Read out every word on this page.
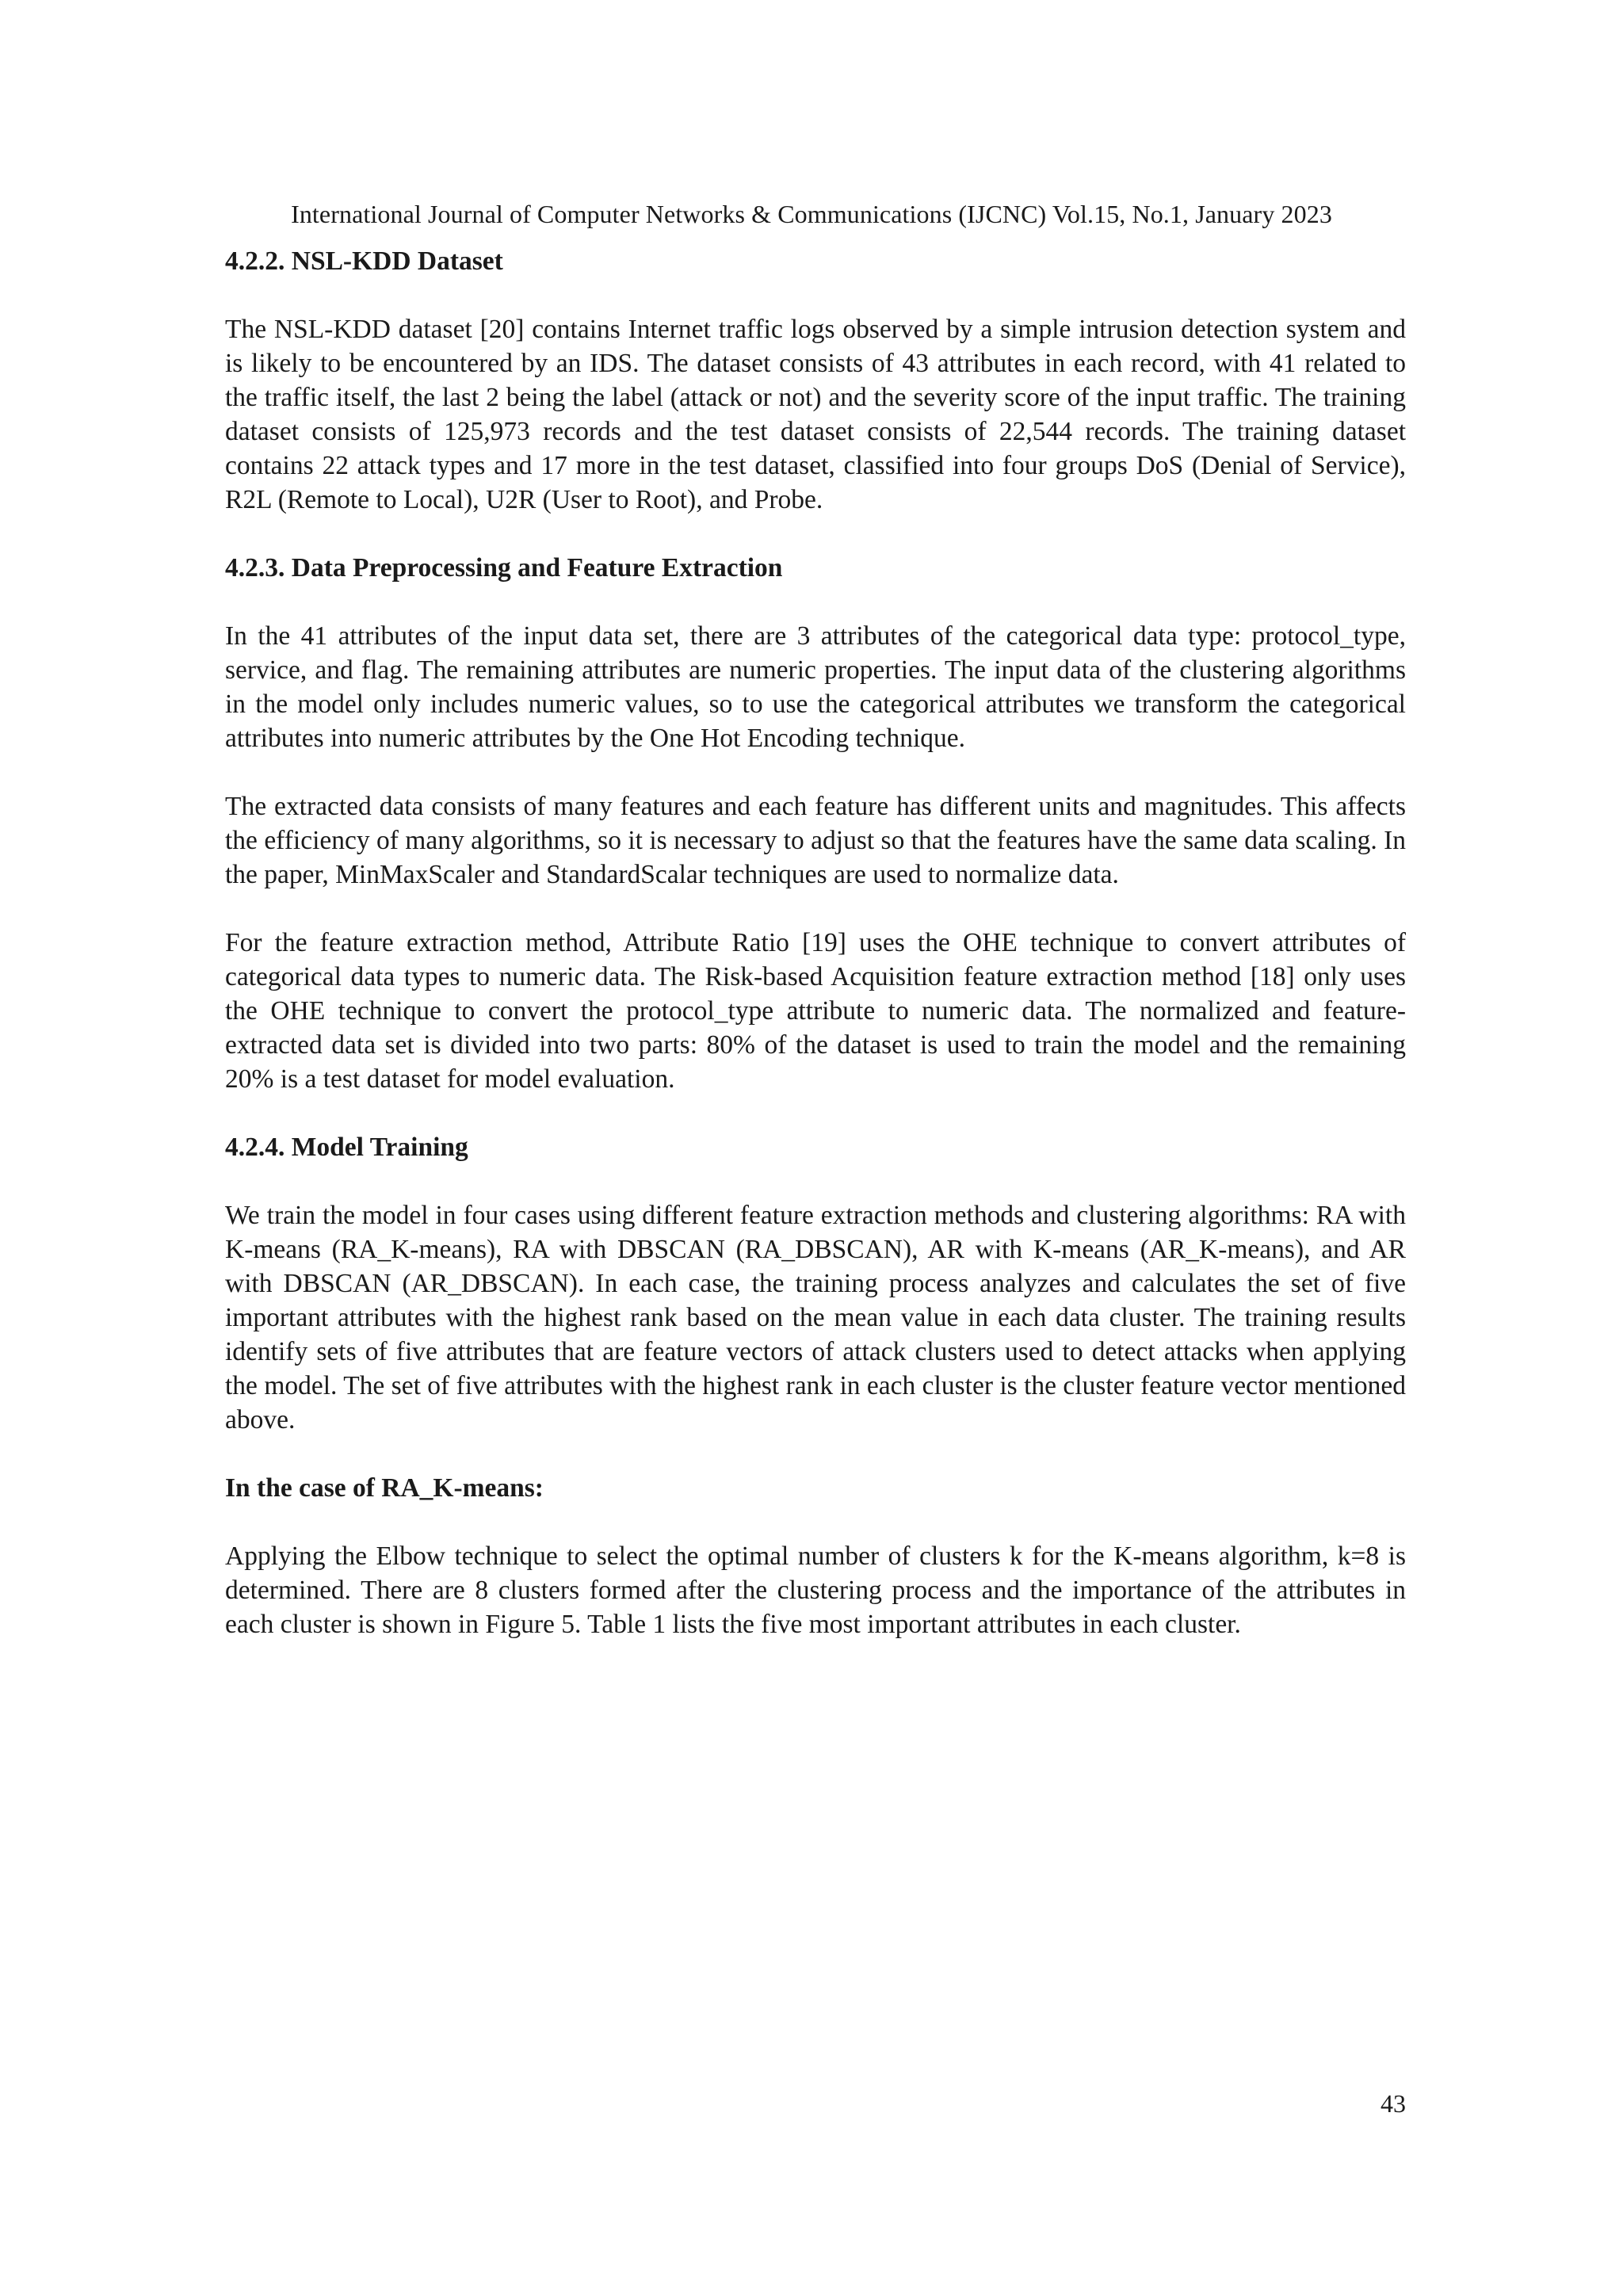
International Journal of Computer Networks & Communications (IJCNC) Vol.15, No.1, January 2023
4.2.2. NSL-KDD Dataset

The NSL-KDD dataset [20] contains Internet traffic logs observed by a simple intrusion detection system and is likely to be encountered by an IDS. The dataset consists of 43 attributes in each record, with 41 related to the traffic itself, the last 2 being the label (attack or not) and the severity score of the input traffic. The training dataset consists of 125,973 records and the test dataset consists of 22,544 records. The training dataset contains 22 attack types and 17 more in the test dataset, classified into four groups DoS (Denial of Service), R2L (Remote to Local), U2R (User to Root), and Probe.

4.2.3. Data Preprocessing and Feature Extraction

In the 41 attributes of the input data set, there are 3 attributes of the categorical data type: protocol_type, service, and flag. The remaining attributes are numeric properties. The input data of the clustering algorithms in the model only includes numeric values, so to use the categorical attributes we transform the categorical attributes into numeric attributes by the One Hot Encoding technique.

The extracted data consists of many features and each feature has different units and magnitudes. This affects the efficiency of many algorithms, so it is necessary to adjust so that the features have the same data scaling. In the paper, MinMaxScaler and StandardScalar techniques are used to normalize data.

For the feature extraction method, Attribute Ratio [19] uses the OHE technique to convert attributes of categorical data types to numeric data. The Risk-based Acquisition feature extraction method [18] only uses the OHE technique to convert the protocol_type attribute to numeric data. The normalized and feature-extracted data set is divided into two parts: 80% of the dataset is used to train the model and the remaining 20% is a test dataset for model evaluation.

4.2.4. Model Training

We train the model in four cases using different feature extraction methods and clustering algorithms: RA with K-means (RA_K-means), RA with DBSCAN (RA_DBSCAN), AR with K-means (AR_K-means), and AR with DBSCAN (AR_DBSCAN). In each case, the training process analyzes and calculates the set of five important attributes with the highest rank based on the mean value in each data cluster. The training results identify sets of five attributes that are feature vectors of attack clusters used to detect attacks when applying the model. The set of five attributes with the highest rank in each cluster is the cluster feature vector mentioned above.

In the case of RA_K-means:

Applying the Elbow technique to select the optimal number of clusters k for the K-means algorithm, k=8 is determined. There are 8 clusters formed after the clustering process and the importance of the attributes in each cluster is shown in Figure 5. Table 1 lists the five most important attributes in each cluster.

43
